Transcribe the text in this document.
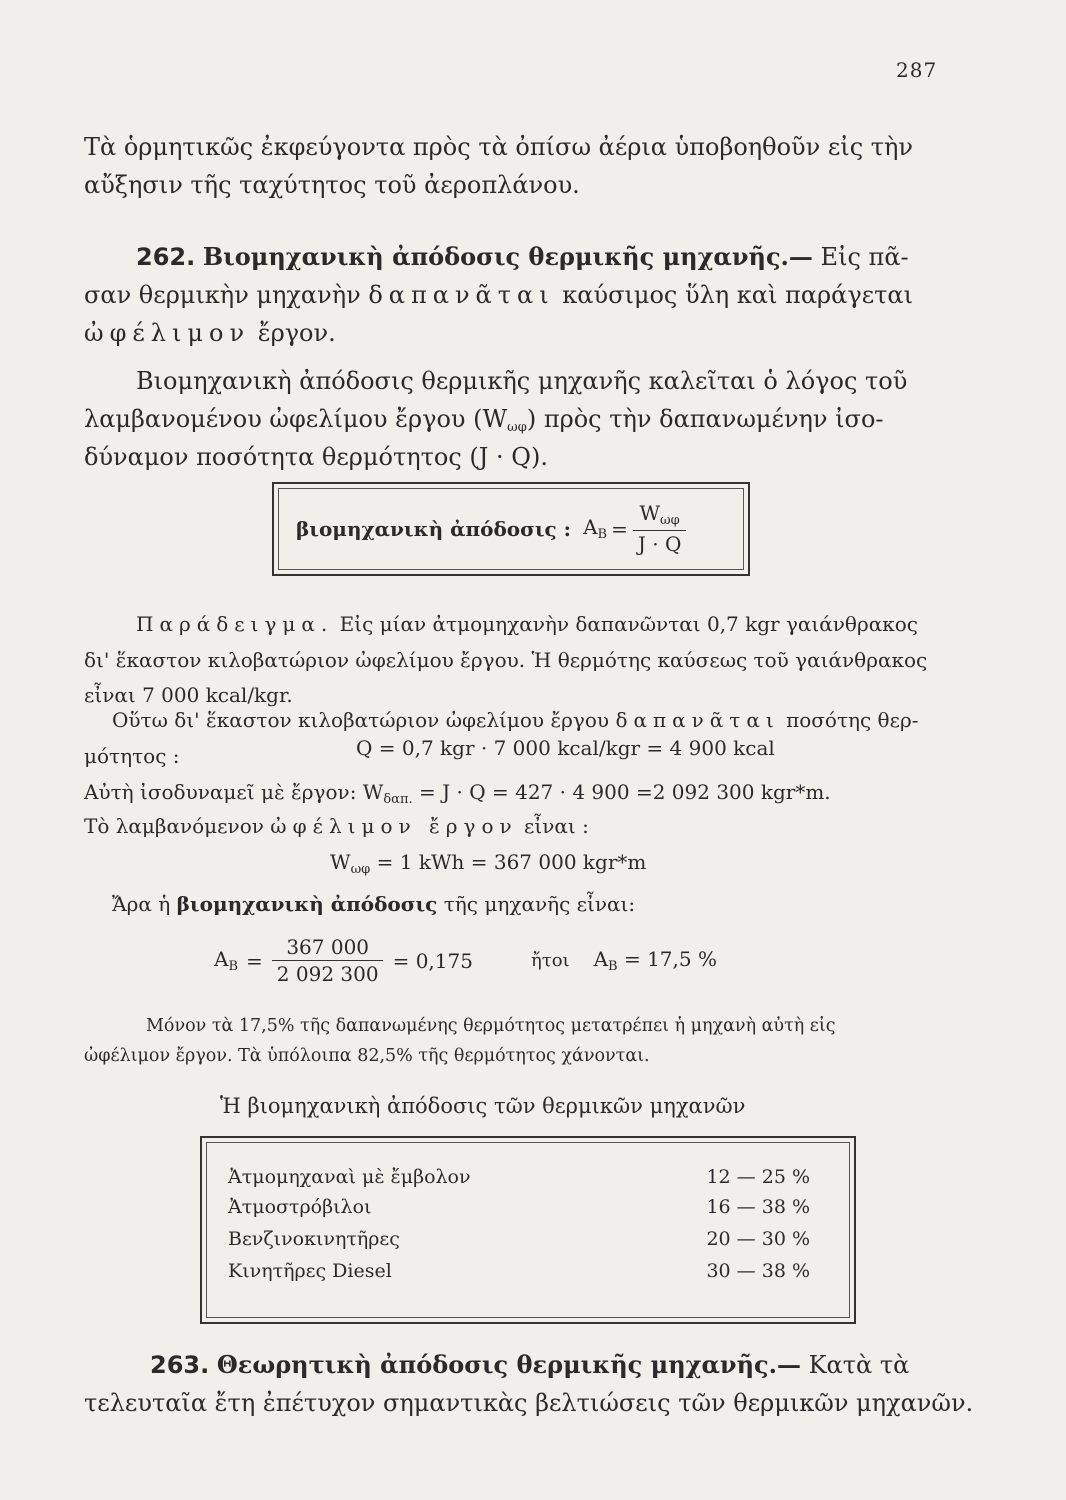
287
Τὰ ὁρμητικῶς ἐκφεύγοντα πρὸς τὰ ὀπίσω ἀέρια ὑποβοηθοῦν εἰς τὴν
αὔξησιν τῆς ταχύτητος τοῦ ἀεροπλάνου.
262. Βιομηχανικὴ ἀπόδοσις θερμικῆς μηχανῆς.— Εἰς πᾶ-
σαν θερμικὴν μηχανὴν δαπανᾶται καύσιμος ὕλη καὶ παράγεται
ὠφέλιμον ἔργον.
Βιομηχανικὴ ἀπόδοσις θερμικῆς μηχανῆς καλεῖται ὁ λόγος τοῦ
λαμβανομένου ὠφελίμου ἔργου $(W_{\omega\varphi})$ πρὸς τὴν δαπανωμένην ἰσο-
δύναμον ποσότητα θερμότητος (J · Q).
βιομηχανικὴ ἀπόδοσις : $A_B = \frac{W_{\omega\varphi}}{J \cdot Q}$
Παράδειγμα. Εἰς μίαν ἀτμομηχανὴν δαπανῶνται 0,7 kgr γαιάνθρακος
δι' ἕκαστον κιλοβατώριον ὠφελίμου ἔργου. Ἡ θερμότης καύσεως τοῦ γαιάνθρακος
εἶναι 7 000 kcal/kgr.
Οὕτω δι' ἕκαστον κιλοβατώριον ὠφελίμου ἔργου δαπανᾶται ποσότης θερ-
μότητος :	Q = 0,7 kgr · 7 000 kcal/kgr = 4 900 kcal
Αὐτὴ ἰσοδυναμεῖ μὲ ἔργον: $W_{\delta\alpha\pi.} = J \cdot Q = 427 \cdot 4$ 900 =2 092 300 kgr*m.
Τὸ λαμβανόμενον ὠφέλιμον ἔργον εἶναι :
$W_{\omega\varphi} = 1$ kWh = 367 000 kgr*m
Ἄρα ἡ βιομηχανικὴ ἀπόδοσις τῆς μηχανῆς εἶναι:
$A_B = \frac{367 000}{2 092 300} = 0,175$	ἤτοι $A_B = 17,5$ %
Μόνον τὰ 17,5% τῆς δαπανωμένης θερμότητος μετατρέπει ἡ μηχανὴ αὐτὴ εἰς
ὠφέλιμον ἔργον. Τὰ ὑπόλοιπα 82,5% τῆς θερμότητος χάνονται.
Ἡ βιομηχανικὴ ἀπόδοσις τῶν θερμικῶν μηχανῶν
Ἀτμομηχαναὶ μὲ ἔμβολον	12 — 25 %
Ἀτμοστρόβιλοι	16 — 38 %
Βενζινοκινητῆρες	20 — 30 %
Κινητῆρες Diesel	30 — 38 %
263. Θεωρητικὴ ἀπόδοσις θερμικῆς μηχανῆς.— Κατὰ τὰ
τελευταῖα ἔτη ἐπέτυχον σημαντικὰς βελτιώσεις τῶν θερμικῶν μηχανῶν.
